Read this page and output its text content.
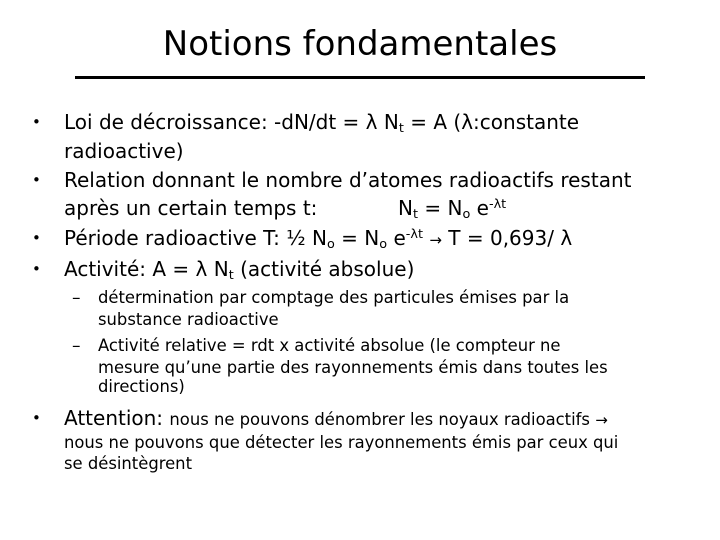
Notions fondamentales
• Loi de décroissance: -dN/dt = λ $N_t = A$ (λ:constante
radioactive)
• Relation donnant le nombre d’atomes radioactifs restant
après un certain temps t:	$N_t = N_o$ $e^{-\lambda t}$
• Période radioactive T: ½ $N_o = N_o$ $e^{-\lambda t} \to T = 0,693/$ λ
• Activité: A = λ $N_t$ (activité absolue)
– détermination par comptage des particules émises par la
substance radioactive
– Activité relative = rdt x activité absolue (le compteur ne
mesure qu’une partie des rayonnements émis dans toutes les
directions)
• Attention: nous ne pouvons dénombrer les noyaux radioactifs →
nous ne pouvons que détecter les rayonnements émis par ceux qui
se désintègrent
